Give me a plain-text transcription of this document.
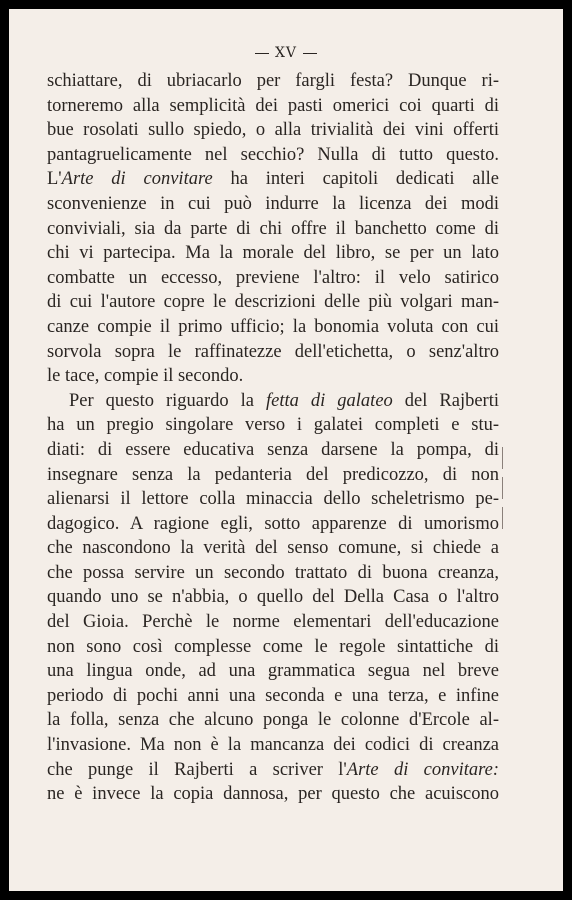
XV
schiattare, di ubriacarlo per fargli festa? Dunque ri-
torneremo alla semplicità dei pasti omerici coi quarti di
bue rosolati sullo spiedo, o alla trivialità dei vini offerti
pantagruelicamente nel secchio? Nulla di tutto questo.
L'Arte di convitare ha interi capitoli dedicati alle
sconvenienze in cui può indurre la licenza dei modi
conviviali, sia da parte di chi offre il banchetto come di
chi vi partecipa. Ma la morale del libro, se per un lato
combatte un eccesso, previene l'altro: il velo satirico
di cui l'autore copre le descrizioni delle più volgari man-
canze compie il primo ufficio; la bonomia voluta con cui
sorvola sopra le raffinatezze dell'etichetta, o senz'altro
le tace, compie il secondo.
Per questo riguardo la fetta di galateo del Rajberti
ha un pregio singolare verso i galatei completi e stu-
diati: di essere educativa senza darsene la pompa, di
insegnare senza la pedanteria del predicozzo, di non
alienarsi il lettore colla minaccia dello scheletrismo pe-
dagogico. A ragione egli, sotto apparenze di umorismo
che nascondono la verità del senso comune, si chiede a
che possa servire un secondo trattato di buona creanza,
quando uno se n'abbia, o quello del Della Casa o l'altro
del Gioia. Perchè le norme elementari dell'educazione
non sono così complesse come le regole sintattiche di
una lingua onde, ad una grammatica segua nel breve
periodo di pochi anni una seconda e una terza, e infine
la folla, senza che alcuno ponga le colonne d'Ercole al-
l'invasione. Ma non è la mancanza dei codici di creanza
che punge il Rajberti a scriver l'Arte di convitare:
ne è invece la copia dannosa, per questo che acuiscono
